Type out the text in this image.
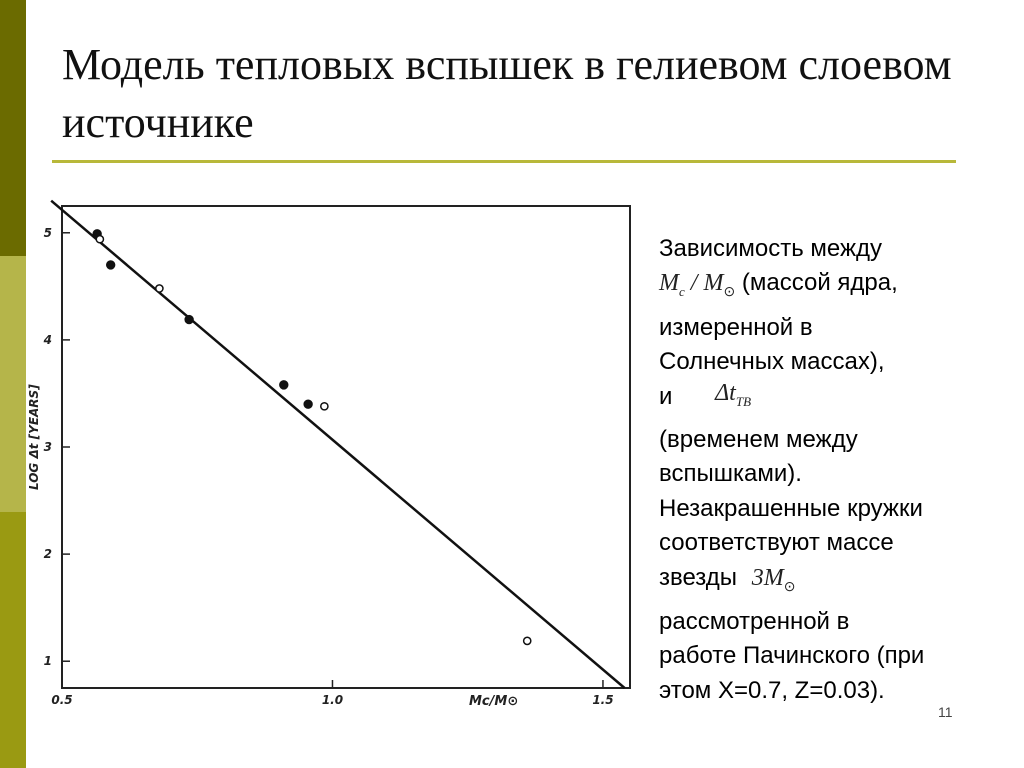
Модель тепловых вспышек в гелиевом слоевом источнике
0.5	1.0	1.5
1
2
3
4
5
Mc/M⊙
LOG Δt [YEARS]

Зависимость между

$M_c / M_⊙$ (массой ядра,

измеренной в

Солнечных массах),

и $\Delta t_{TB}$

(временем между

вспышками).

Незакрашенные кружки

соответствуют массе

звезды $3M_⊙$

рассмотренной в

работе Пачинского (при

этом X=0.7, Z=0.03).

11
